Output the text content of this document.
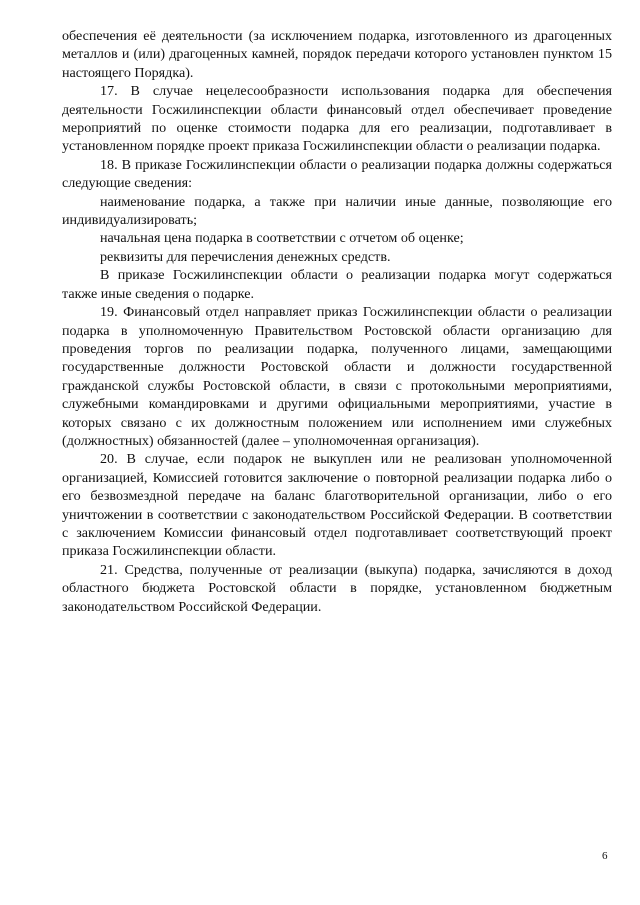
обеспечения её деятельности (за исключением подарка, изготовленного из драгоценных металлов и (или) драгоценных камней, порядок передачи которого установлен пунктом 15 настоящего Порядка).

17. В случае нецелесообразности использования подарка для обеспечения деятельности Госжилинспекции области финансовый отдел обеспечивает проведение мероприятий по оценке стоимости подарка для его реализации, подготавливает в установленном порядке проект приказа Госжилинспекции области о реализации подарка.

18. В приказе Госжилинспекции области о реализации подарка должны содержаться следующие сведения:

наименование подарка, а также при наличии иные данные, позволяющие его индивидуализировать;

начальная цена подарка в соответствии с отчетом об оценке;

реквизиты для перечисления денежных средств.

В приказе Госжилинспекции области о реализации подарка могут содержаться также иные сведения о подарке.

19. Финансовый отдел направляет приказ Госжилинспекции области о реализации подарка в уполномоченную Правительством Ростовской области организацию для проведения торгов по реализации подарка, полученного лицами, замещающими государственные должности Ростовской области и должности государственной гражданской службы Ростовской области, в связи с протокольными мероприятиями, служебными командировками и другими официальными мероприятиями, участие в которых связано с их должностным положением или исполнением ими служебных (должностных) обязанностей (далее – уполномоченная организация).

20. В случае, если подарок не выкуплен или не реализован уполномоченной организацией, Комиссией готовится заключение о повторной реализации подарка либо о его безвозмездной передаче на баланс благотворительной организации, либо о его уничтожении в соответствии с законодательством Российской Федерации. В соответствии с заключением Комиссии финансовый отдел подготавливает соответствующий проект приказа Госжилинспекции области.

21. Средства, полученные от реализации (выкупа) подарка, зачисляются в доход областного бюджета Ростовской области в порядке, установленном бюджетным законодательством Российской Федерации.

6
